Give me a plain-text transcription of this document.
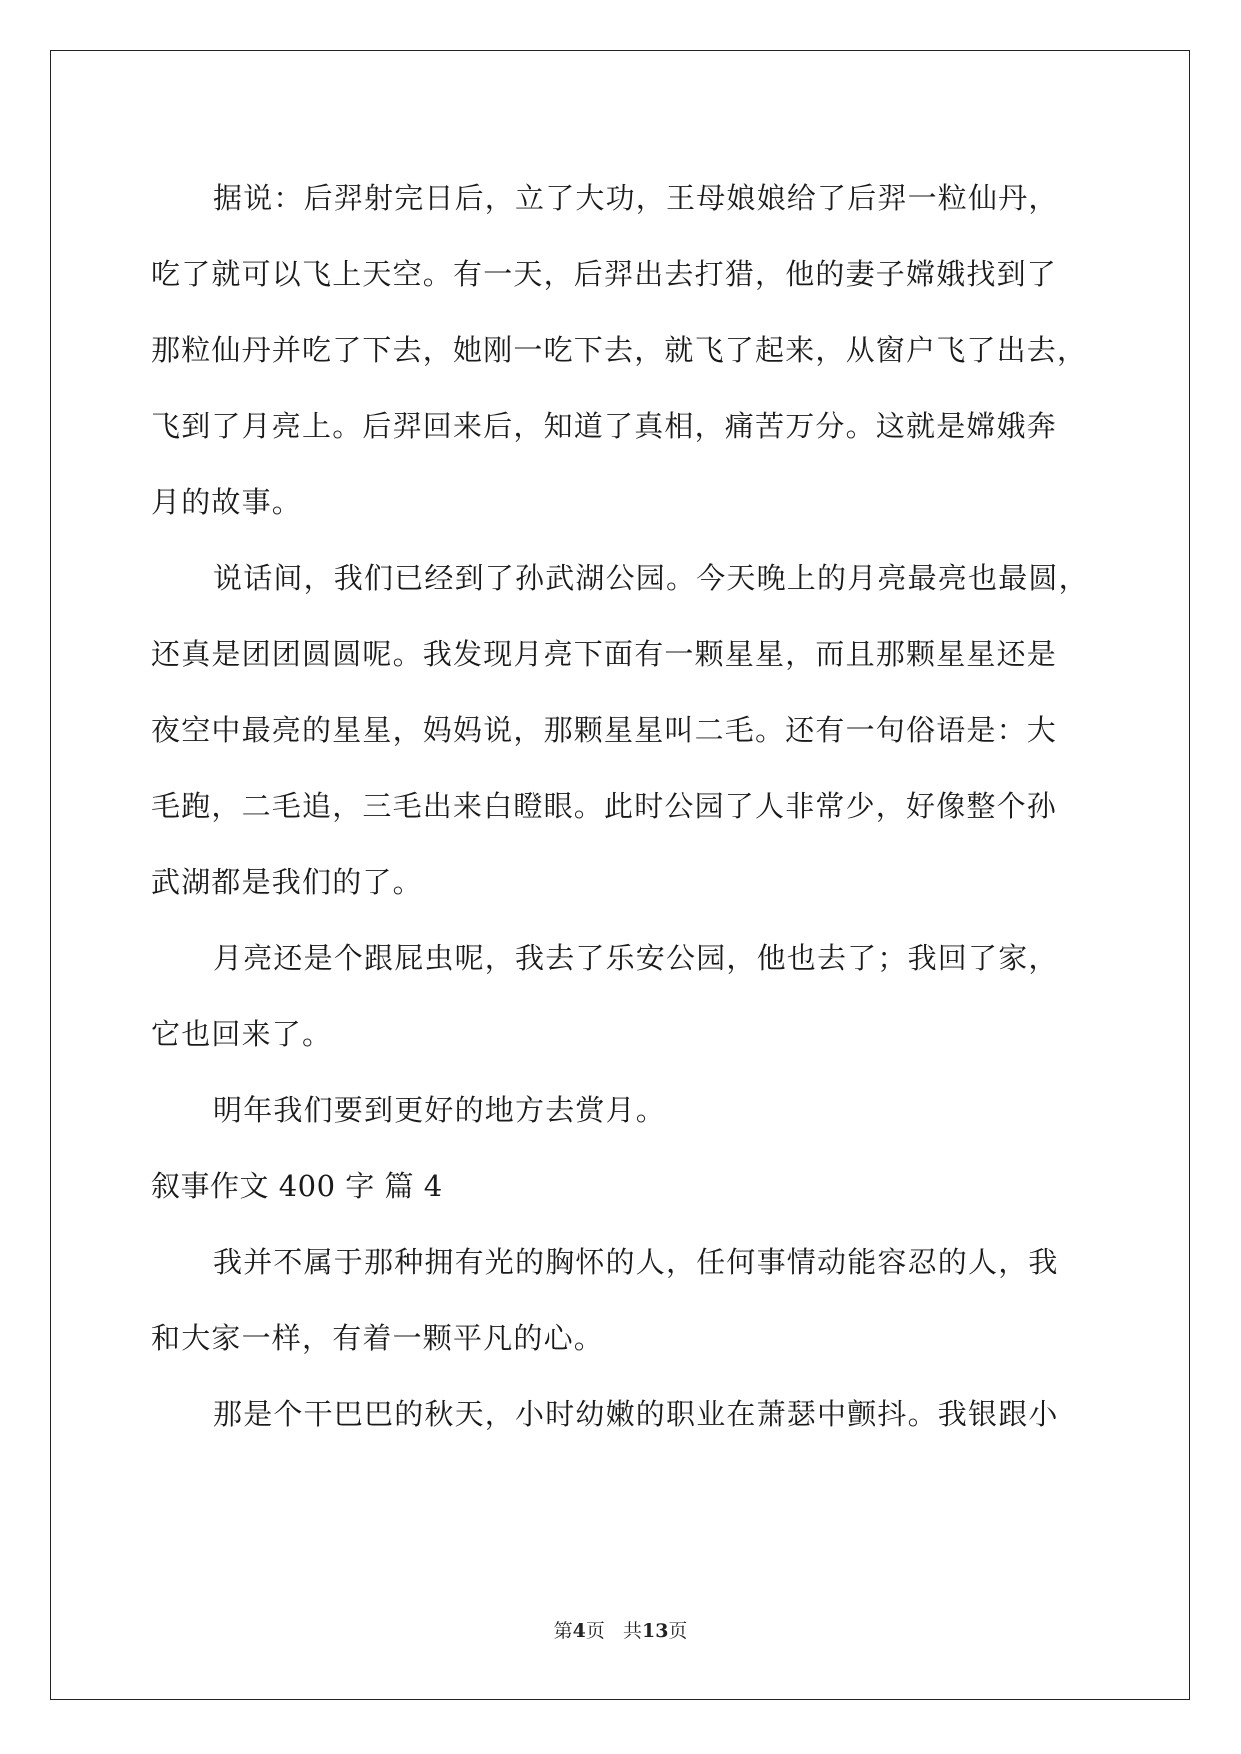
据说：后羿射完日后，立了大功，王母娘娘给了后羿一粒仙丹，
吃了就可以飞上天空。有一天，后羿出去打猎，他的妻子嫦娥找到了
那粒仙丹并吃了下去，她刚一吃下去，就飞了起来，从窗户飞了出去，
飞到了月亮上。后羿回来后，知道了真相，痛苦万分。这就是嫦娥奔
月的故事。
说话间，我们已经到了孙武湖公园。今天晚上的月亮最亮也最圆，
还真是团团圆圆呢。我发现月亮下面有一颗星星，而且那颗星星还是
夜空中最亮的星星，妈妈说，那颗星星叫二毛。还有一句俗语是：大
毛跑，二毛追，三毛出来白瞪眼。此时公园了人非常少，好像整个孙
武湖都是我们的了。
月亮还是个跟屁虫呢，我去了乐安公园，他也去了；我回了家，
它也回来了。
明年我们要到更好的地方去赏月。
叙事作文 400 字 篇 4
我并不属于那种拥有光的胸怀的人，任何事情动能容忍的人，我
和大家一样，有着一颗平凡的心。
那是个干巴巴的秋天，小时幼嫩的职业在萧瑟中颤抖。我银跟小
第4页 共13页
